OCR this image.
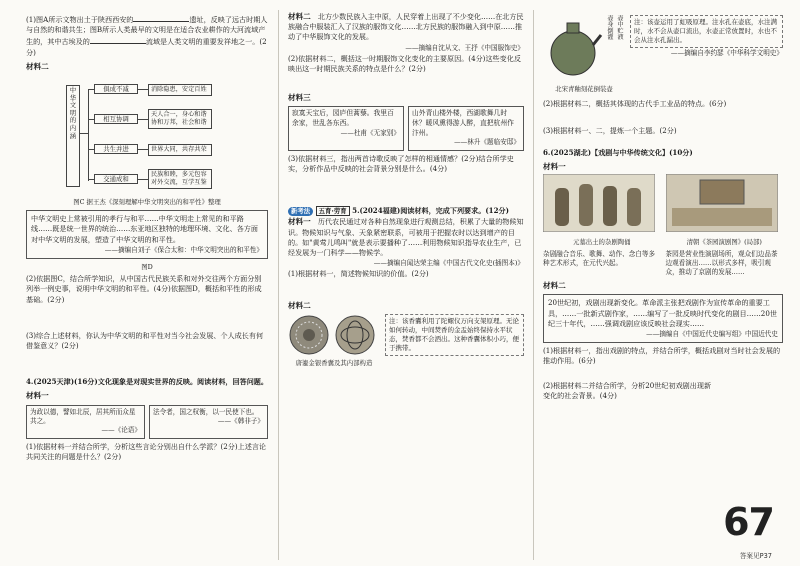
(1)图A所示文物出土于陕西西安的	遗址，反映了远古时期人与自然的和谐共生；图B所示人类最早的文明是在适合农业耕作的大河流域产生的，其中古埃及的	流域是人类文明的重要发祥地之一。(2分)

材料二

中华文明的内涵
俱成不减
相互协调
共生并进
交通成和
消除隐患，安定百姓
天人合一，身心和谐 协和万邦，社会和谐
世界大同，共存共荣
民族和睦，多元包容 对外交流，互学互鉴

图C 据王杰《深刻理解中华文明突出的和平性》整理

中华文明史上常被引用的孝行与和平……中华文明走上常见的和平路线……既是统一世界的统治……东亚地区独特的地理环境、文化、各方面对中华文明的发展，塑造了中华文明的和平性。

——摘编自刘子《保合太和：中华文明突出的和平性》

图D

(2)依据图C，结合所学知识，从中国古代民族关系和对外交往两个方面分别列举一例史事，说明中华文明的和平性。(4分)依据图D，概括和平性的形成基础。(2分)

(3)综合上述材料，你认为中华文明的和平性对当今社会发展、个人成长有何借鉴意义？(2分)

4.(2025天津)(16分)文化现象是对现实世界的反映。阅读材料，回答问题。

材料一

为政以德，譬如北辰，居其所而众星共之。

——《论语》

法令者，国之权衡，以一民使下也。

——《韩非子》

(1)依据材料一并结合所学，分析这些言论分别出自什么学派？(2分)上述言论共同关注的问题是什么？(2分)

材料二　 北方少数民族入主中原，人民穿着上出现了不少变化……在北方民族融合中服装汇入了汉族的服饰文化……北方民族的服饰融入到中原……推动了中华服饰文化的发展。

——摘编自沈从文、王抒《中国服饰史》

(2)依据材料二，概括这一时期服饰文化变化的主要原因。(4分)这些变化反映出这一时期民族关系的特点是什么？(2分)

材料三

寂寞天宝后，园庐但蒿藜。我里百余家，世乱各东西。

——杜甫《无家别》

山外青山楼外楼，西湖歌舞几时休？暖风熏得游人醉，直把杭州作汴州。

——林升《题临安邸》

(3)依据材料三，指出两首诗歌反映了怎样的相通情感？(2分)结合所学史实，分析作品中反映的社会背景分别是什么。(4分)

新考法 五育·劳育 5.(2024福建)阅读材料，完成下列要求。(12分)

材料一　 历代农民通过对各种自然现象进行观测总结，积累了大量的物候知识。物候知识与气象、天象紧密联系，可被用于把握农时以达到增产的目的。如"黄莺儿鸣叫"就是表示要播种了……利用物候知识指导农业生产，已经发展为一门科学——物候学。

——摘编自闻达荣主编《中国古代文化史(插图本)》

(1)根据材料一，简述物候知识的价值。(2分)

材料二

唐鎏金银香囊及其内部构造

注：该香囊利用了陀螺仪万向支架原理。无论如何转动，中间焚香的金盂始终保持水平状态，焚香都不会洒出。这种香囊体积小巧，便于携带。
壶身倒灌 壶中贮液

北宋青釉刻花倒装壶

注：该壶运用了虹吸原理。注水孔在壶底，水注满时，水不会从壶口流出，水壶正常放置时，水也不会从注水孔漏出。

——摘编自李约瑟《中华科学文明史》

(2)根据材料二，概括其体现的古代手工业品的特点。(6分)

(3)根据材料一、二，提炼一个主题。(2分)

6.(2025湖北)【戏剧与中华传统文化】(10分)

材料一

元墓出土的杂剧陶俑

杂剧融合音乐、歌舞、动作、念白等多种艺术形式，在元代兴起。

清朝《茶园演剧图》(局部)

茶园是营业性演剧场所，观众们边品茶边观看演出……以形式多样，吸引观众，推动了京剧的发展……

材料二

20世纪初，戏剧出现新变化。革命派主张把戏剧作为宣传革命的重要工具，……一批新式剧作家，……编写了一批反映时代变化的剧目……20世纪三十年代，……强调戏剧应该反映社会现实……

——摘编自《中国近代史编写组》中国近代史

(1)根据材料一，指出戏剧的特点，并结合所学，概括戏剧对当时社会发展的推动作用。(6分)

(2)根据材料二并结合所学，分析20世纪初戏剧出现新变化的社会背景。(4分)

67
答案见P37
